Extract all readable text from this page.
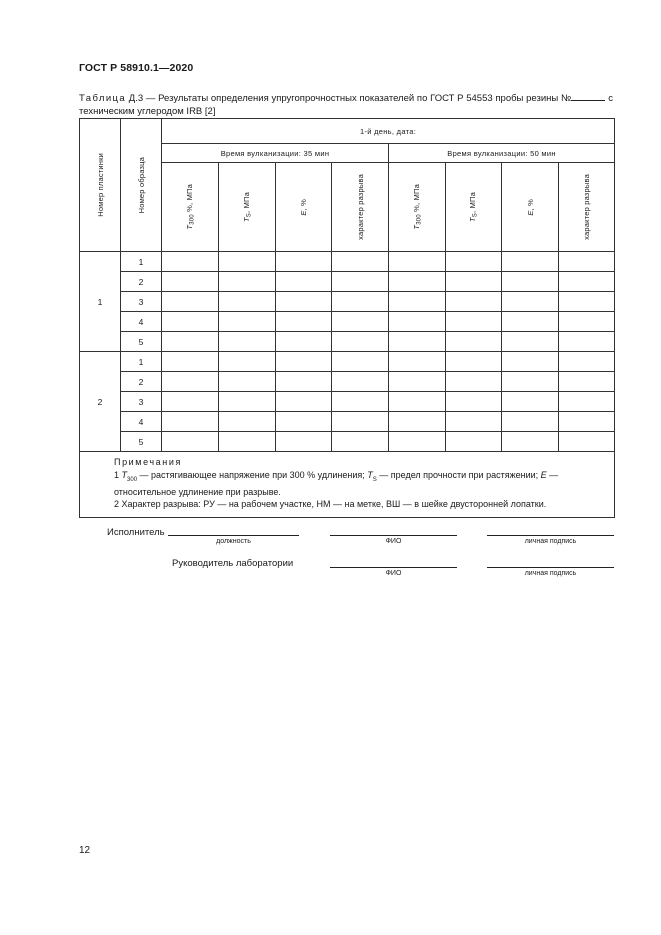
ГОСТ Р 58910.1—2020
Таблица Д.3 — Результаты определения упругопрочностных показателей по ГОСТ Р 54553 пробы резины №	с техническим углеродом IRB [2]
Номер пластинки	Номер образца	1-й день, дата:							
		Время вулканизации: 35 мин				Время вулканизации: 50 мин			

		$T_{300}$ %, МПа	$T_S$, МПа	E, %	характер разрыва	$T_{300}$ %, МПа	$T_S$, МПа	E, %	характер разрыва

1	1								
	2								
	3								
	4								
	5								
2	1								
	2								
	3								
	4								
	5								

Примечания

1 $T_{300}$ — растягивающее напряжение при 300 % удлинения; $T_S$ — предел прочности при растяжении; E — относительное удлинение при разрыве.

2 Характер разрыва: РУ — на рабочем участке, НМ — на метке, ВШ — в шейке двусторонней лопатки.									

Исполнитель
должность	ФИО	личная подпись
Руководитель лаборатории
ФИО	личная подпись
12
